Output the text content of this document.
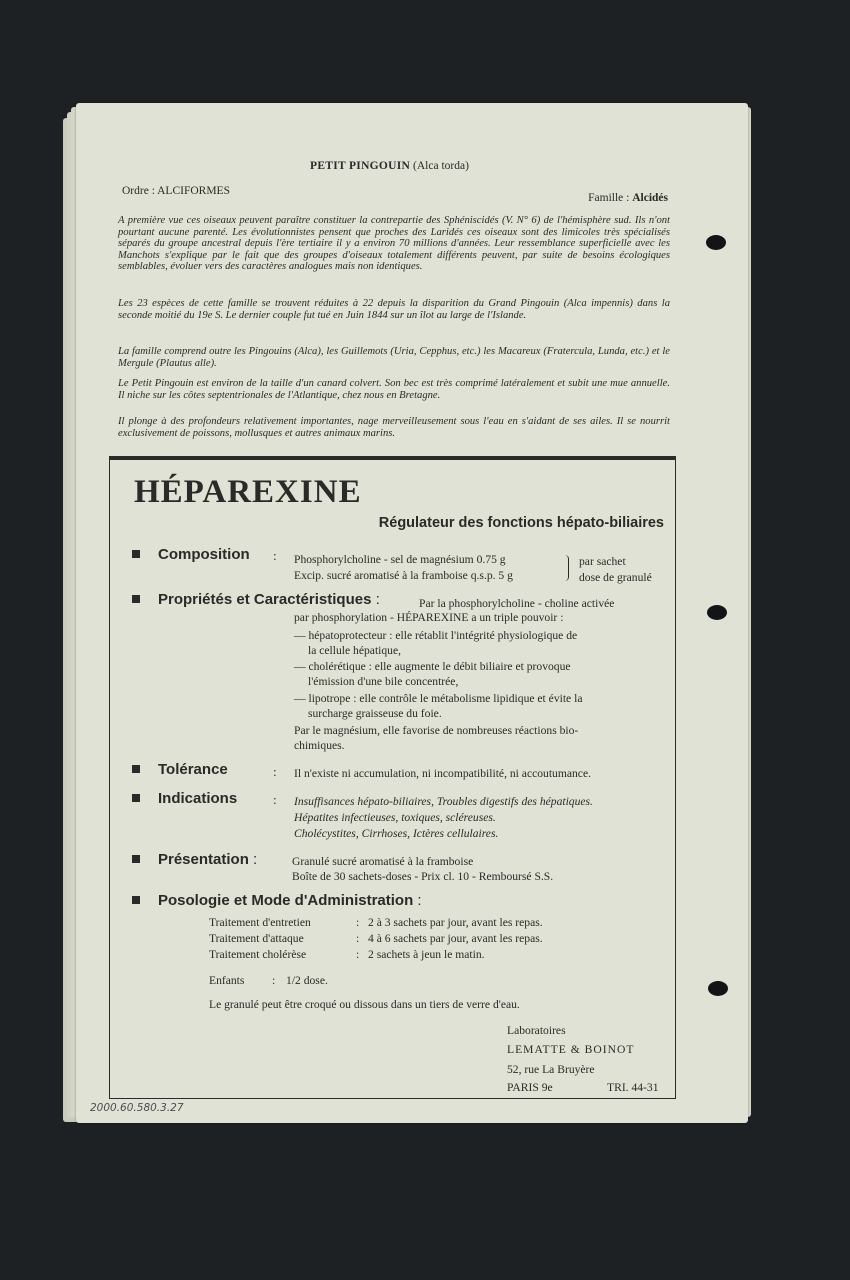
PETIT PINGOUIN (Alca torda)

Ordre : ALCIFORMES

Famille : Alcidés

A première vue ces oiseaux peuvent paraître constituer la contrepartie des Sphéniscidés (V. N° 6) de l'hémisphère sud. Ils n'ont pourtant aucune parenté. Les évolutionnistes pensent que proches des Laridés ces oiseaux sont des limicoles très spécialisés séparés du groupe ancestral depuis l'ère tertiaire il y a environ 70 millions d'années. Leur ressemblance superficielle avec les Manchots s'explique par le fait que des groupes d'oiseaux totalement différents peuvent, par suite de besoins écologiques semblables, évoluer vers des caractères analogues mais non identiques.

Les 23 espèces de cette famille se trouvent réduites à 22 depuis la disparition du Grand Pingouin (Alca impennis) dans la seconde moitié du 19e S. Le dernier couple fut tué en Juin 1844 sur un îlot au large de l'Islande.

La famille comprend outre les Pingouins (Alca), les Guillemots (Uria, Cepphus, etc.) les Macareux (Fratercula, Lunda, etc.) et le Mergule (Plautus alle).

Le Petit Pingouin est environ de la taille d'un canard colvert. Son bec est très comprimé latéralement et subit une mue annuelle. Il niche sur les côtes septentrionales de l'Atlantique, chez nous en Bretagne.

Il plonge à des profondeurs relativement importantes, nage merveilleusement sous l'eau en s'aidant de ses ailes. Il se nourrit exclusivement de poissons, mollusques et autres animaux marins.

HÉPAREXINE
Régulateur des fonctions hépato-biliaires
Composition : Phosphorylcholine - sel de magnésium 0.75 g
Excip. sucré aromatisé à la framboise q.s.p. 5 g
par sachet
dose de granulé
Propriétés et Caractéristiques :	Par la phosphorylcholine - choline activée
par phosphorylation - HÉPAREXINE a un triple pouvoir :
— hépatoprotecteur : elle rétablit l'intégrité physiologique de
la cellule hépatique,
— cholérétique : elle augmente le débit biliaire et provoque
l'émission d'une bile concentrée,
— lipotrope : elle contrôle le métabolisme lipidique et évite la
surcharge graisseuse du foie.
Par le magnésium, elle favorise de nombreuses réactions bio-
chimiques.
Tolérance	: Il n'existe ni accumulation, ni incompatibilité, ni accoutumance.
Indications	: Insuffisances hépato-biliaires, Troubles digestifs des hépatiques.
Hépatites infectieuses, toxiques, scléreuses.
Cholécystites, Cirrhoses, Ictères cellulaires.
Présentation :	Granulé sucré aromatisé à la framboise
Boîte de 30 sachets-doses - Prix cl. 10 - Remboursé S.S.
Posologie et Mode d'Administration :
Traitement d'entretien	: 2 à 3 sachets par jour, avant les repas.
Traitement d'attaque	: 4 à 6 sachets par jour, avant les repas.
Traitement cholérèse	: 2 sachets à jeun le matin.
Enfants : 1/2 dose.
Le granulé peut être croqué ou dissous dans un tiers de verre d'eau.
Laboratoires
LEMATTE & BOINOT
52, rue La Bruyère
PARIS 9e	TRI. 44-31
2000.60.580.3.27
